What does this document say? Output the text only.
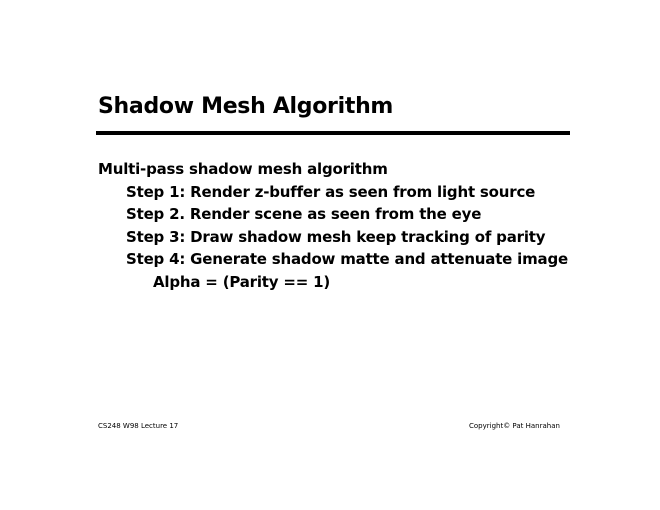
Shadow Mesh Algorithm
Multi-pass shadow mesh algorithm
Step 1: Render z-buffer as seen from light source
Step 2. Render scene as seen from the eye
Step 3: Draw shadow mesh keep tracking of parity
Step 4: Generate shadow matte and attenuate image
Alpha = (Parity == 1)
CS248 W98 Lecture 17	Copyright© Pat Hanrahan
